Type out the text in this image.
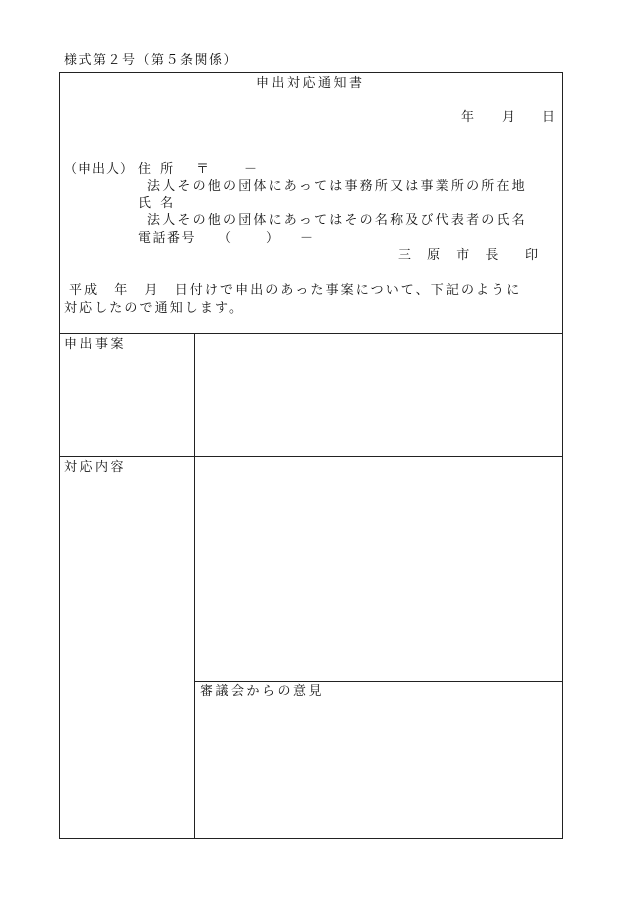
様式第２号（第５条関係）
申出対応通知書
年 月 日
（申出人） 住 所 〒 －
法人その他の団体にあっては事務所又は事業所の所在地
氏 名
法人その他の団体にあってはその名称及び代表者の氏名
電話番号 （ ） －
三 原 市 長 印
平成　年　月　日付けで申出のあった事案について、下記のように
対応したので通知します。
申出事案
対応内容
審議会からの意見
